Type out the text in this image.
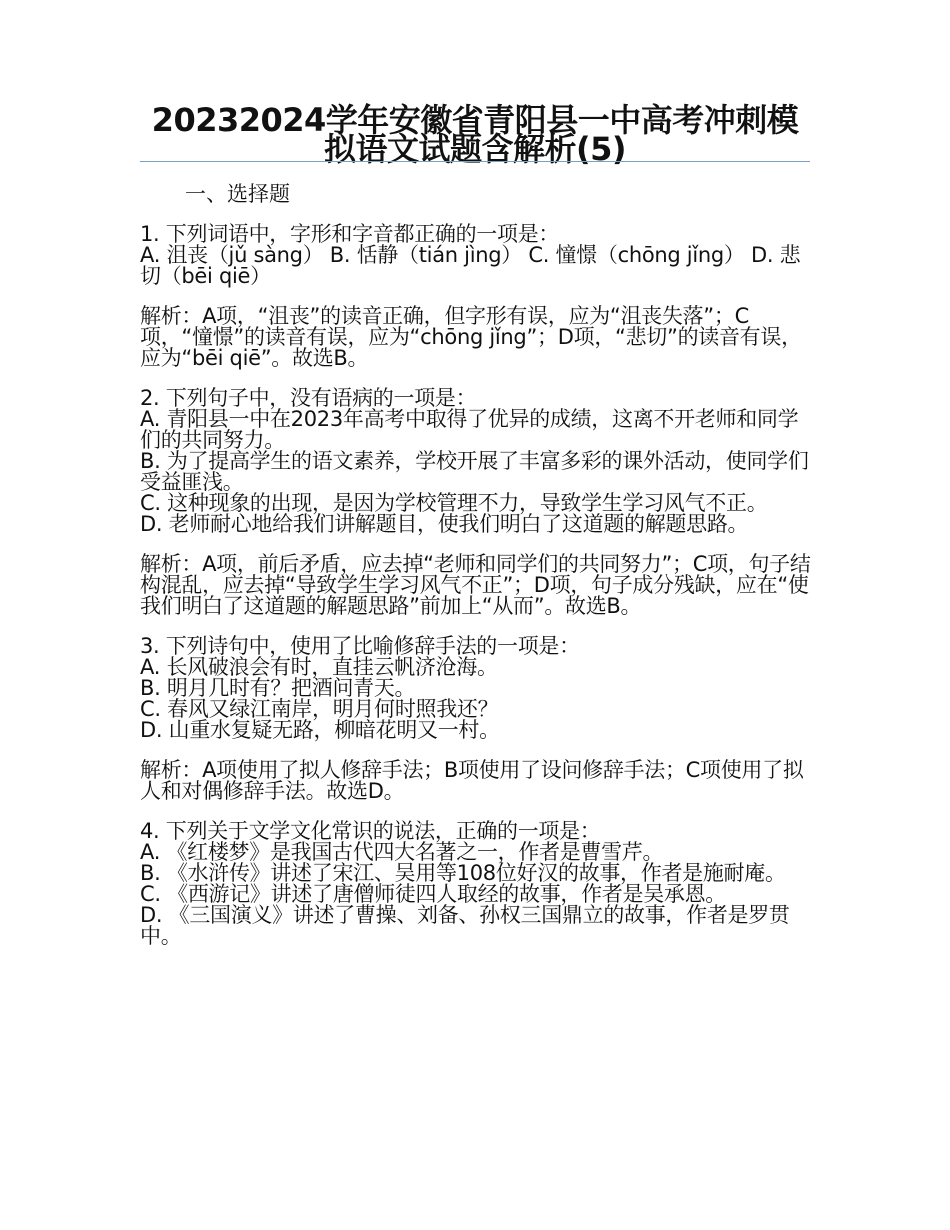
20232024学年安徽省青阳县一中高考冲刺模拟语文试题含解析(5)
一、选择题
1. 下列词语中，字形和字音都正确的一项是：
A. 沮丧（jǔ sàng） B. 恬静（tián jìng） C. 憧憬（chōng jǐng） D. 悲切（bēi qiē）
解析：A项，“沮丧”的读音正确，但字形有误，应为“沮丧失落”；C项，“憧憬”的读音有误，应为“chōng jǐng”；D项，“悲切”的读音有误，应为“bēi qiē”。故选B。
2. 下列句子中，没有语病的一项是：
A. 青阳县一中在2023年高考中取得了优异的成绩，这离不开老师和同学们的共同努力。
B. 为了提高学生的语文素养，学校开展了丰富多彩的课外活动，使同学们受益匪浅。
C. 这种现象的出现，是因为学校管理不力，导致学生学习风气不正。
D. 老师耐心地给我们讲解题目，使我们明白了这道题的解题思路。
解析：A项，前后矛盾，应去掉“老师和同学们的共同努力”；C项，句子结构混乱，应去掉“导致学生学习风气不正”；D项，句子成分残缺，应在“使我们明白了这道题的解题思路”前加上“从而”。故选B。
3. 下列诗句中，使用了比喻修辞手法的一项是：
A. 长风破浪会有时，直挂云帆济沧海。
B. 明月几时有？把酒问青天。
C. 春风又绿江南岸，明月何时照我还？
D. 山重水复疑无路，柳暗花明又一村。
解析：A项使用了拟人修辞手法；B项使用了设问修辞手法；C项使用了拟人和对偶修辞手法。故选D。
4. 下列关于文学文化常识的说法，正确的一项是：
A. 《红楼梦》是我国古代四大名著之一，作者是曹雪芹。
B. 《水浒传》讲述了宋江、吴用等108位好汉的故事，作者是施耐庵。
C. 《西游记》讲述了唐僧师徒四人取经的故事，作者是吴承恩。
D. 《三国演义》讲述了曹操、刘备、孙权三国鼎立的故事，作者是罗贯中。
